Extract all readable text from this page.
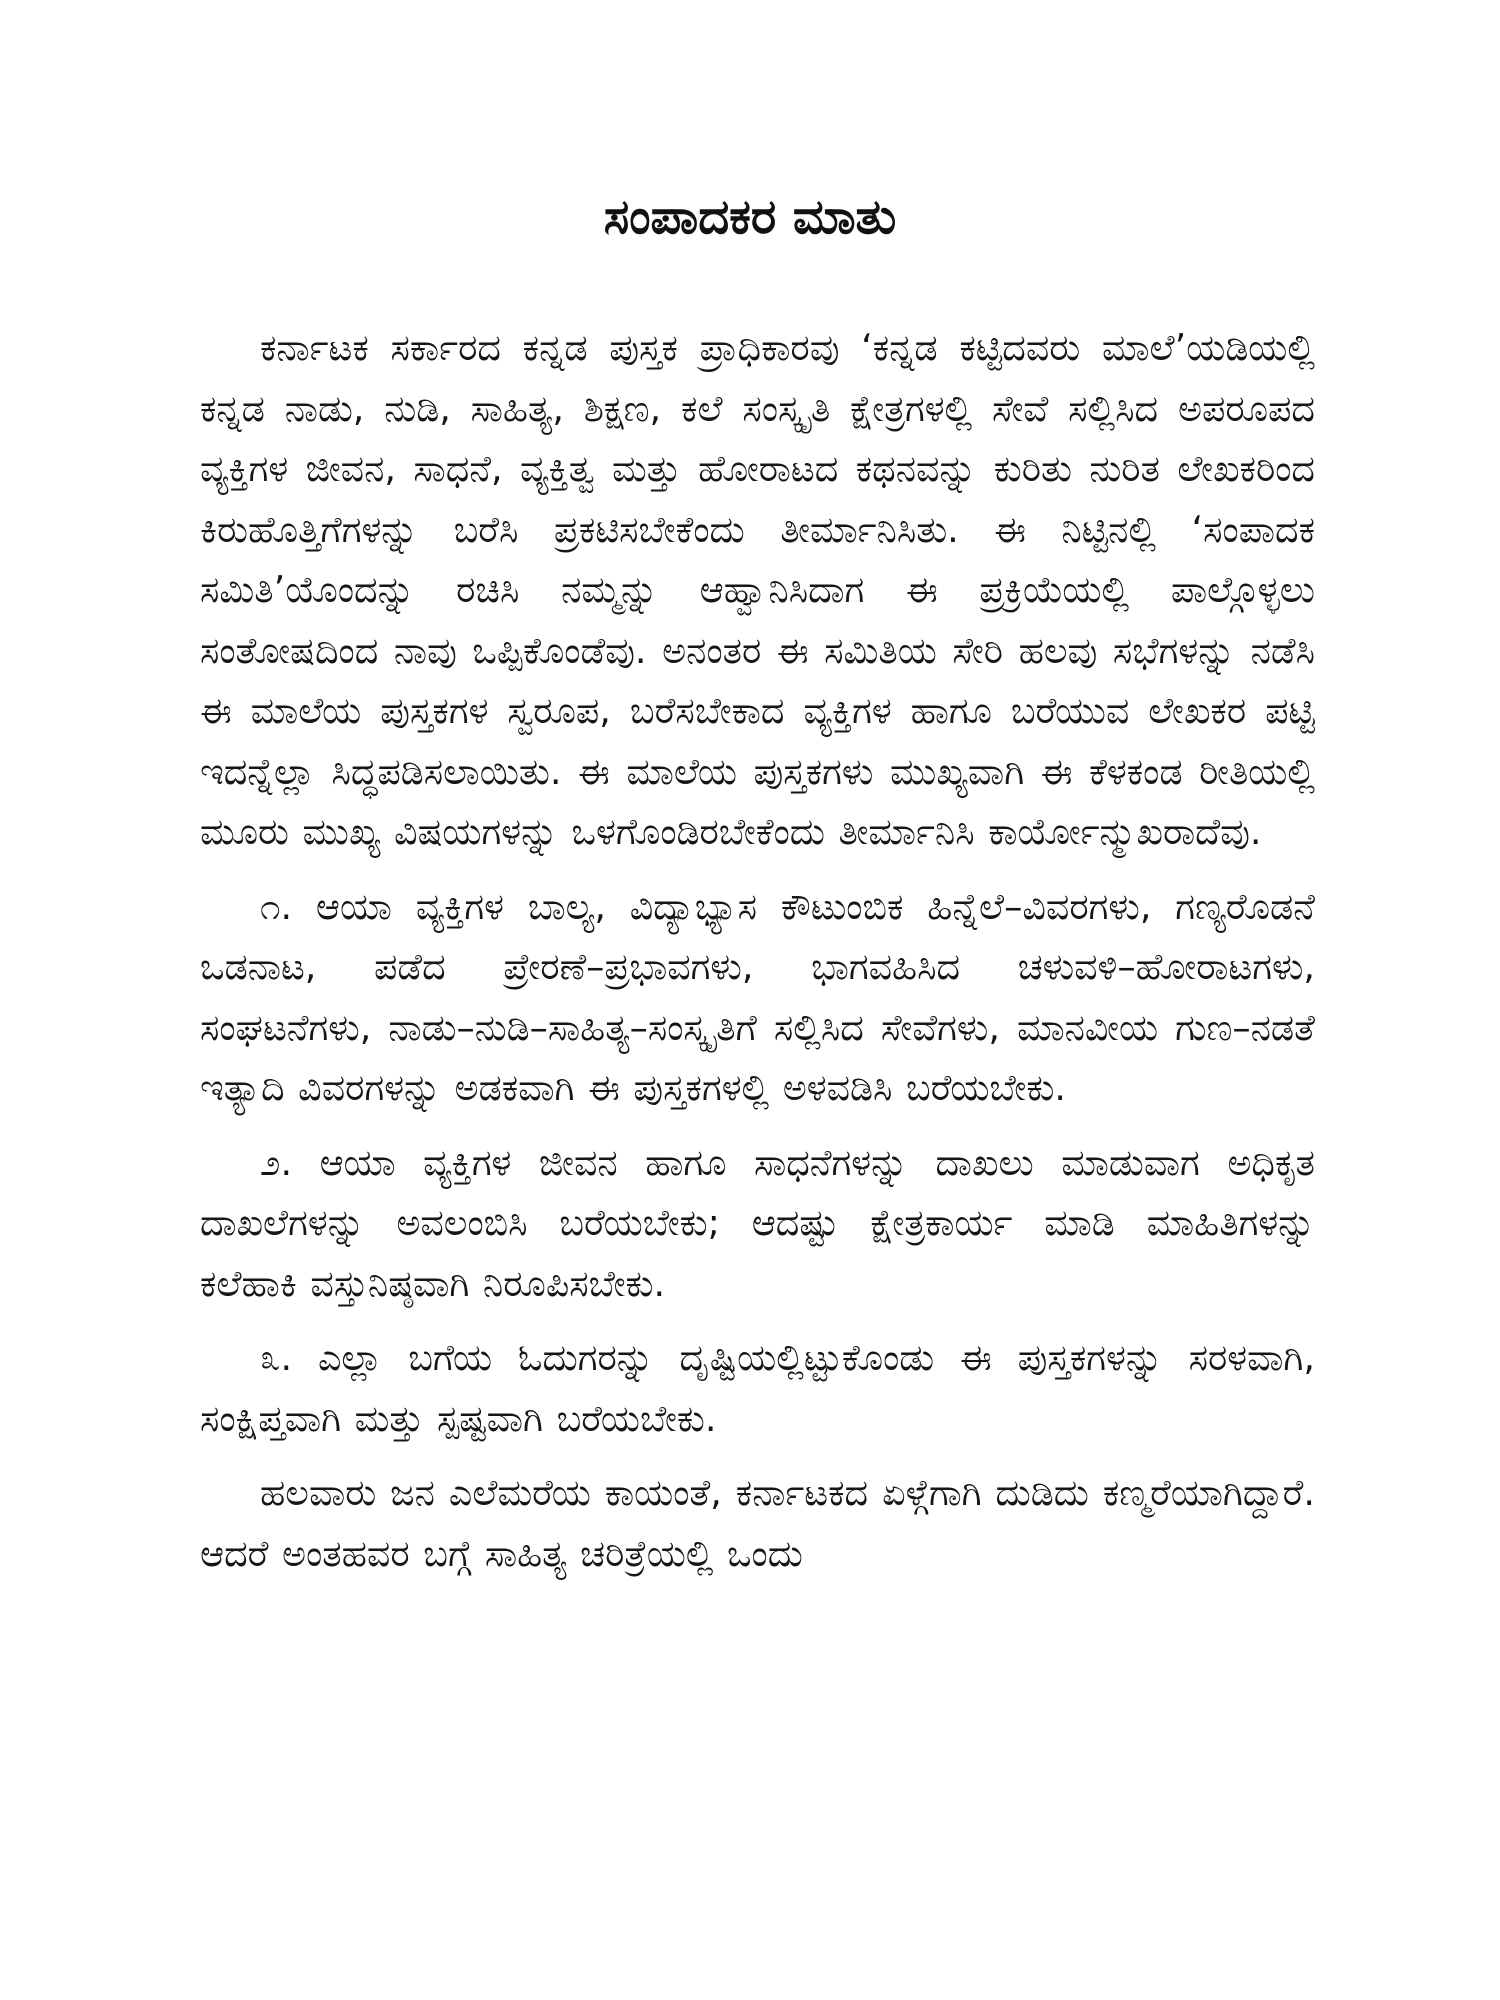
ಸಂಪಾದಕರ ಮಾತು

ಕರ್ನಾಟಕ ಸರ್ಕಾರದ ಕನ್ನಡ ಪುಸ್ತಕ ಪ್ರಾಧಿಕಾರವು ‘ಕನ್ನಡ ಕಟ್ಟಿದವರು ಮಾಲೆ’ಯಡಿಯಲ್ಲಿ ಕನ್ನಡ ನಾಡು, ನುಡಿ, ಸಾಹಿತ್ಯ, ಶಿಕ್ಷಣ, ಕಲೆ ಸಂಸ್ಕೃತಿ ಕ್ಷೇತ್ರಗಳಲ್ಲಿ ಸೇವೆ ಸಲ್ಲಿಸಿದ ಅಪರೂಪದ ವ್ಯಕ್ತಿಗಳ ಜೀವನ, ಸಾಧನೆ, ವ್ಯಕ್ತಿತ್ವ ಮತ್ತು ಹೋರಾಟದ ಕಥನವನ್ನು ಕುರಿತು ನುರಿತ ಲೇಖಕರಿಂದ ಕಿರುಹೊತ್ತಿಗೆಗಳನ್ನು ಬರೆಸಿ ಪ್ರಕಟಿಸಬೇಕೆಂದು ತೀರ್ಮಾನಿಸಿತು. ಈ ನಿಟ್ಟಿನಲ್ಲಿ ‘ಸಂಪಾದಕ ಸಮಿತಿ’ಯೊಂದನ್ನು ರಚಿಸಿ ನಮ್ಮನ್ನು ಆಹ್ವಾನಿಸಿದಾಗ ಈ ಪ್ರಕ್ರಿಯೆಯಲ್ಲಿ ಪಾಲ್ಗೊಳ್ಳಲು ಸಂತೋಷದಿಂದ ನಾವು ಒಪ್ಪಿಕೊಂಡೆವು. ಅನಂತರ ಈ ಸಮಿತಿಯ ಸೇರಿ ಹಲವು ಸಭೆಗಳನ್ನು ನಡೆಸಿ ಈ ಮಾಲೆಯ ಪುಸ್ತಕಗಳ ಸ್ವರೂಪ, ಬರೆಸಬೇಕಾದ ವ್ಯಕ್ತಿಗಳ ಹಾಗೂ ಬರೆಯುವ ಲೇಖಕರ ಪಟ್ಟಿ ಇದನ್ನೆಲ್ಲಾ ಸಿದ್ಧಪಡಿಸಲಾಯಿತು. ಈ ಮಾಲೆಯ ಪುಸ್ತಕಗಳು ಮುಖ್ಯವಾಗಿ ಈ ಕೆಳಕಂಡ ರೀತಿಯಲ್ಲಿ ಮೂರು ಮುಖ್ಯ ವಿಷಯಗಳನ್ನು ಒಳಗೊಂಡಿರಬೇಕೆಂದು ತೀರ್ಮಾನಿಸಿ ಕಾರ್ಯೋನ್ಮುಖರಾದೆವು.

೧. ಆಯಾ ವ್ಯಕ್ತಿಗಳ ಬಾಲ್ಯ, ವಿದ್ಯಾಭ್ಯಾಸ ಕೌಟುಂಬಿಕ ಹಿನ್ನೆಲೆ–ವಿವರಗಳು, ಗಣ್ಯರೊಡನೆ ಒಡನಾಟ, ಪಡೆದ ಪ್ರೇರಣೆ–ಪ್ರಭಾವಗಳು, ಭಾಗವಹಿಸಿದ ಚಳುವಳಿ–ಹೋರಾಟಗಳು, ಸಂಘಟನೆಗಳು, ನಾಡು–ನುಡಿ–ಸಾಹಿತ್ಯ–ಸಂಸ್ಕೃತಿಗೆ ಸಲ್ಲಿಸಿದ ಸೇವೆಗಳು, ಮಾನವೀಯ ಗುಣ–ನಡತೆ ಇತ್ಯಾದಿ ವಿವರಗಳನ್ನು ಅಡಕವಾಗಿ ಈ ಪುಸ್ತಕಗಳಲ್ಲಿ ಅಳವಡಿಸಿ ಬರೆಯಬೇಕು.

೨. ಆಯಾ ವ್ಯಕ್ತಿಗಳ ಜೀವನ ಹಾಗೂ ಸಾಧನೆಗಳನ್ನು ದಾಖಲು ಮಾಡುವಾಗ ಅಧಿಕೃತ ದಾಖಲೆಗಳನ್ನು ಅವಲಂಬಿಸಿ ಬರೆಯಬೇಕು; ಆದಷ್ಟು ಕ್ಷೇತ್ರಕಾರ್ಯ ಮಾಡಿ ಮಾಹಿತಿಗಳನ್ನು ಕಲೆಹಾಕಿ ವಸ್ತುನಿಷ್ಠವಾಗಿ ನಿರೂಪಿಸಬೇಕು.

೩. ಎಲ್ಲಾ ಬಗೆಯ ಓದುಗರನ್ನು ದೃಷ್ಟಿಯಲ್ಲಿಟ್ಟುಕೊಂಡು ಈ ಪುಸ್ತಕಗಳನ್ನು ಸರಳವಾಗಿ, ಸಂಕ್ಷಿಪ್ತವಾಗಿ ಮತ್ತು ಸ್ಪಷ್ಟವಾಗಿ ಬರೆಯಬೇಕು.

ಹಲವಾರು ಜನ ಎಲೆಮರೆಯ ಕಾಯಂತೆ, ಕರ್ನಾಟಕದ ಏಳ್ಗೆಗಾಗಿ ದುಡಿದು ಕಣ್ಮರೆಯಾಗಿದ್ದಾರೆ. ಆದರೆ ಅಂತಹವರ ಬಗ್ಗೆ ಸಾಹಿತ್ಯ ಚರಿತ್ರೆಯಲ್ಲಿ ಒಂದು
